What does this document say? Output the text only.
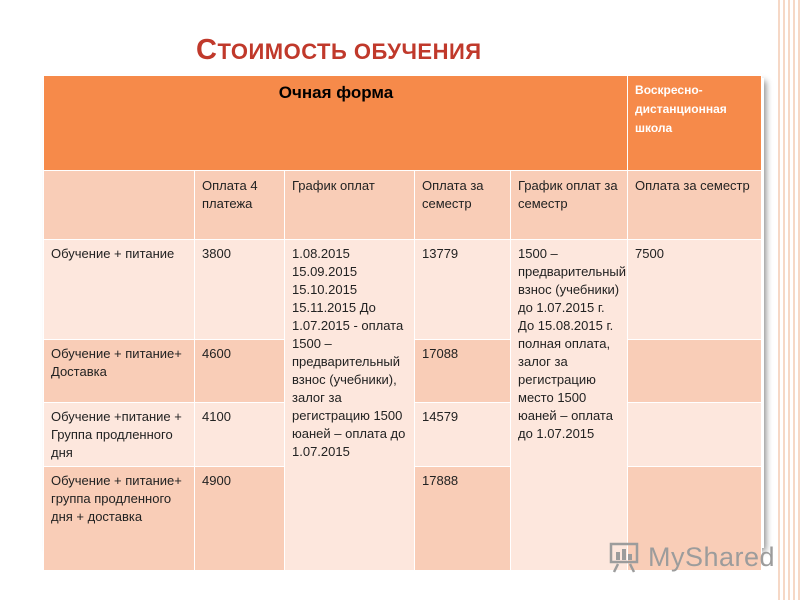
СТОИМОСТЬ ОБУЧЕНИЯ
Очная форма					Воскресно-дистанционная школа
	Оплата 4 платежа	График оплат	Оплата за семестр	График оплат за семестр	Оплата за семестр
Обучение + питание	3800	1.08.2015 15.09.2015 15.10.2015 15.11.2015 До 1.07.2015 - оплата 1500 – предварительный взнос (учебники), залог за регистрацию 1500 юаней – оплата до 1.07.2015	13779	1500 – предварительный взнос (учебники) до 1.07.2015 г. До 15.08.2015 г. полная оплата, залог за регистрацию место 1500 юаней – оплата до 1.07.2015	7500
Обучение + питание+ Доставка	4600		17088		
Обучение +питание + Группа продленного дня	4100		14579		
Обучение + питание+ группа продленного дня + доставка	4900		17888		
MyShared
